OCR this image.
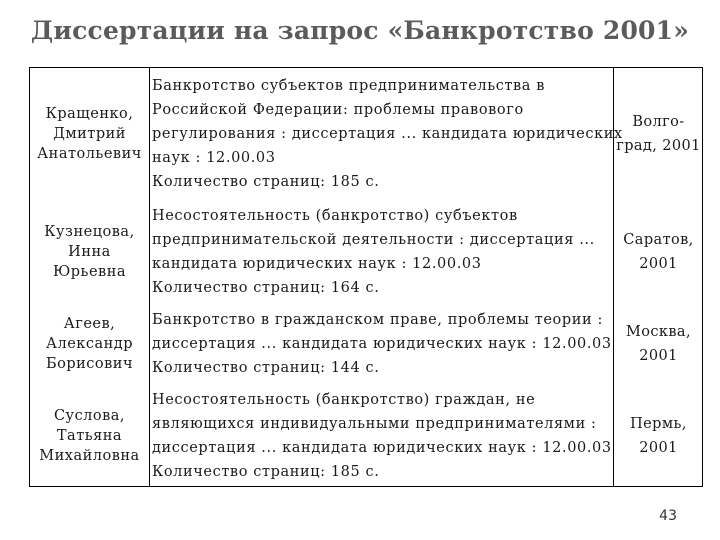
Диссертации на запрос «Банкротство 2001»
Кращенко,
Дмитрий
Анатольевич
Банкротство субъектов предпринимательства в
Российской Федерации: проблемы правового
регулирования : диссертация ... кандидата юридических
наук : 12.00.03
Количество страниц: 185 с.
Волго-
град, 2001
Кузнецова,
Инна
Юрьевна
Несостоятельность (банкротство) субъектов
предпринимательской деятельности : диссертация ...
кандидата юридических наук : 12.00.03
Количество страниц: 164 с.
Саратов,
2001
Агеев,
Александр
Борисович
Банкротство в гражданском праве, проблемы теории :
диссертация ... кандидата юридических наук : 12.00.03
Количество страниц: 144 с.
Москва,
2001
Суслова,
Татьяна
Михайловна
Несостоятельность (банкротство) граждан, не
являющихся индивидуальными предпринимателями :
диссертация ... кандидата юридических наук : 12.00.03
Количество страниц: 185 с.
Пермь,
2001
43
